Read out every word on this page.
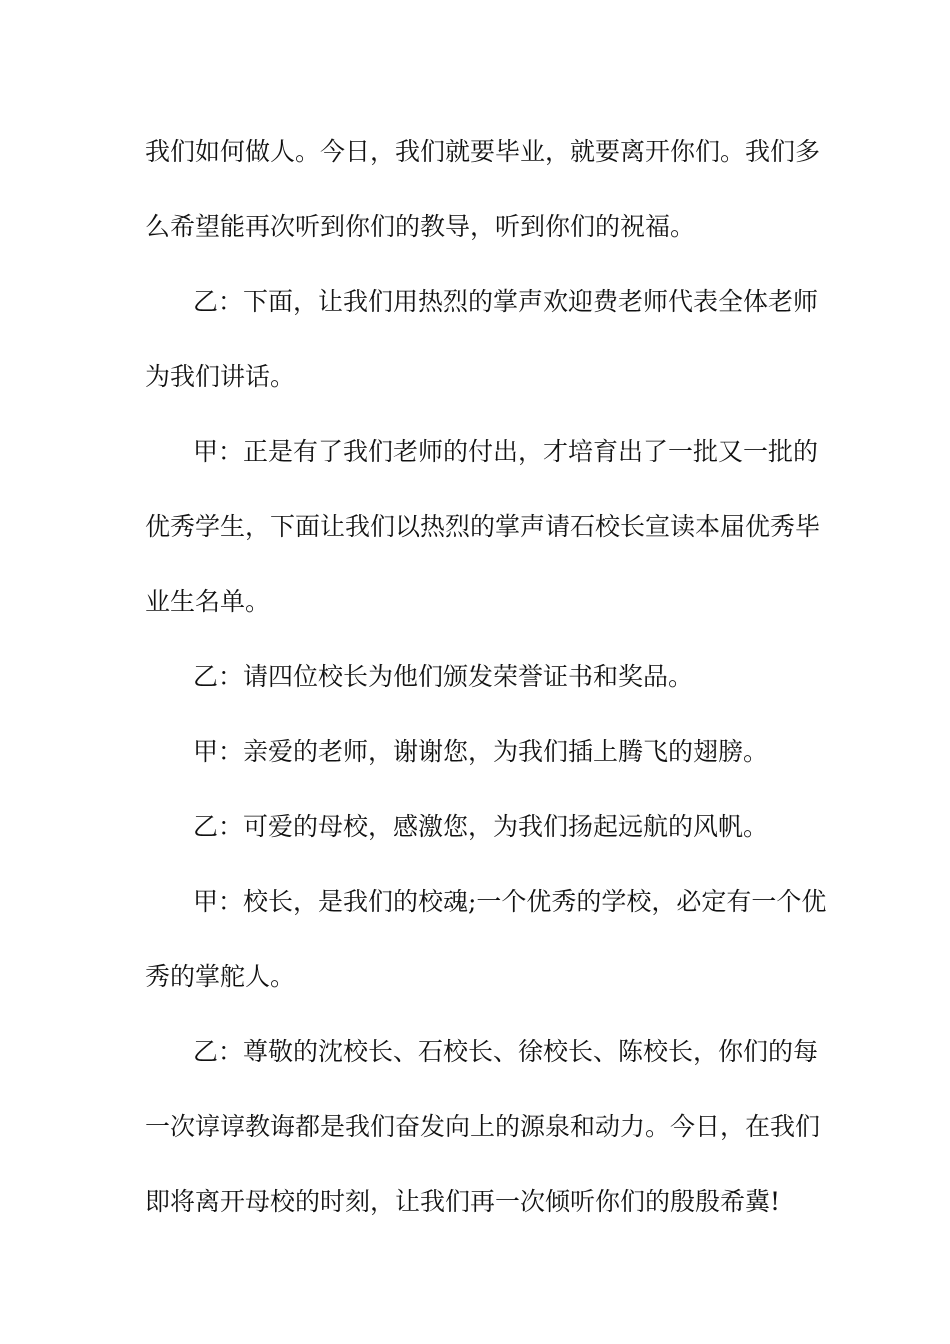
我们如何做人。今日，我们就要毕业，就要离开你们。我们多
么希望能再次听到你们的教导，听到你们的祝福。
乙：下面，让我们用热烈的掌声欢迎费老师代表全体老师
为我们讲话。
甲：正是有了我们老师的付出，才培育出了一批又一批的
优秀学生，下面让我们以热烈的掌声请石校长宣读本届优秀毕
业生名单。
乙：请四位校长为他们颁发荣誉证书和奖品。
甲：亲爱的老师，谢谢您，为我们插上腾飞的翅膀。
乙：可爱的母校，感激您，为我们扬起远航的风帆。
甲：校长，是我们的校魂;一个优秀的学校，必定有一个优
秀的掌舵人。
乙：尊敬的沈校长、石校长、徐校长、陈校长，你们的每
一次谆谆教诲都是我们奋发向上的源泉和动力。今日，在我们
即将离开母校的时刻，让我们再一次倾听你们的殷殷希冀!
